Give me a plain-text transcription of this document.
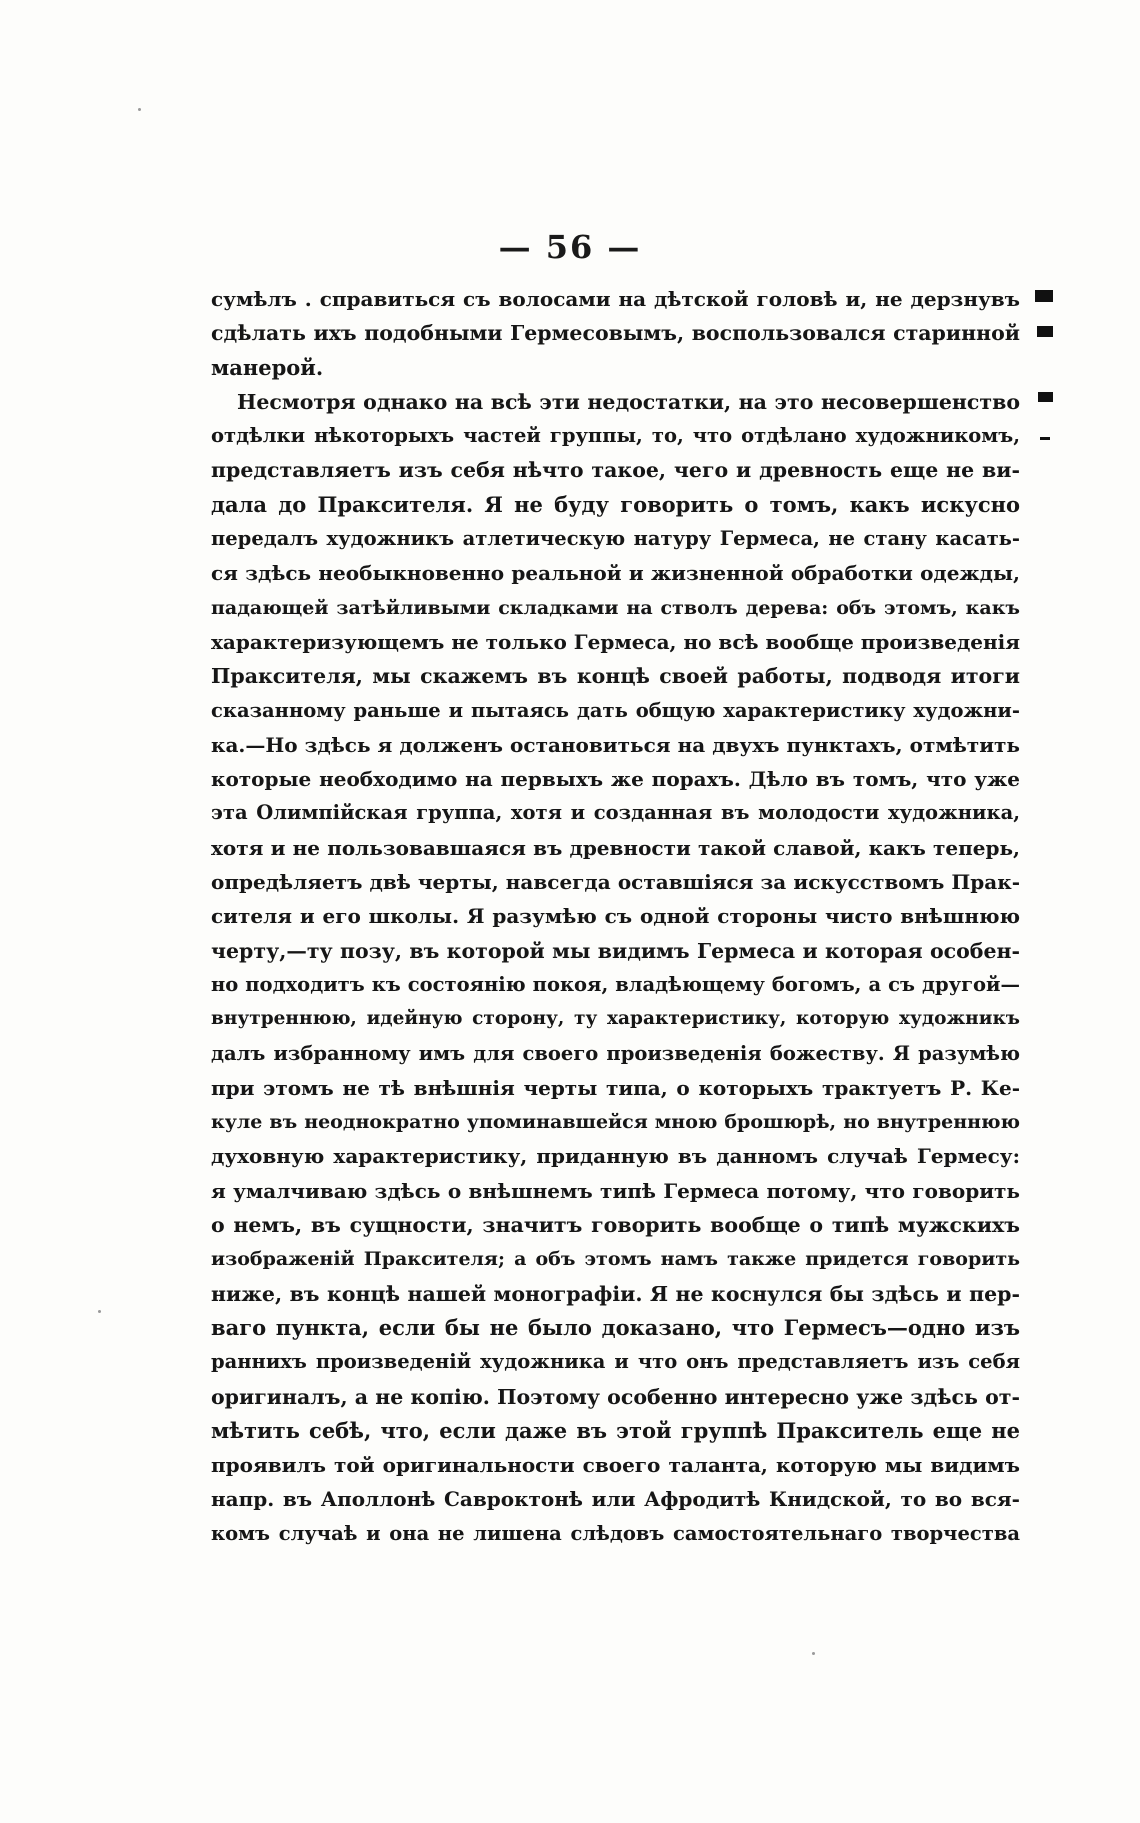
— 56 —
сумѣлъ . справиться съ волосами на дѣтской головѣ и, не дерзнувъ
сдѣлать ихъ подобными Гермесовымъ, воспользовался старинной
манерой.
Несмотря однако на всѣ эти недостатки, на это несовершенство
отдѣлки нѣкоторыхъ частей группы, то, что отдѣлано художникомъ,
представляетъ изъ себя нѣчто такое, чего и древность еще не ви-
дала до Праксителя. Я не буду говорить о томъ, какъ искусно
передалъ художникъ атлетическую натуру Гермеса, не стану касать-
ся здѣсь необыкновенно реальной и жизненной обработки одежды,
падающей затѣйливыми складками на стволъ дерева: объ этомъ, какъ
характеризующемъ не только Гермеса, но всѣ вообще произведенія
Праксителя, мы скажемъ въ концѣ своей работы, подводя итоги
сказанному раньше и пытаясь дать общую характеристику художни-
ка.—Но здѣсь я долженъ остановиться на двухъ пунктахъ, отмѣтить
которые необходимо на первыхъ же порахъ. Дѣло въ томъ, что уже
эта Олимпійская группа, хотя и созданная въ молодости художника,
хотя и не пользовавшаяся въ древности такой славой, какъ теперь,
опредѣляетъ двѣ черты, навсегда оставшіяся за искусствомъ Прак-
сителя и его школы. Я разумѣю съ одной стороны чисто внѣшнюю
черту,—ту позу, въ которой мы видимъ Гермеса и которая особен-
но подходитъ къ состоянію покоя, владѣющему богомъ, а съ другой—
внутреннюю, идейную сторону, ту характеристику, которую художникъ
далъ избранному имъ для своего произведенія божеству. Я разумѣю
при этомъ не тѣ внѣшнія черты типа, о которыхъ трактуетъ Р. Ке-
куле въ неоднократно упоминавшейся мною брошюрѣ, но внутреннюю
духовную характеристику, приданную въ данномъ случаѣ Гермесу:
я умалчиваю здѣсь о внѣшнемъ типѣ Гермеса потому, что говорить
о немъ, въ сущности, значитъ говорить вообще о типѣ мужскихъ
изображеній Праксителя; а объ этомъ намъ также придется говорить
ниже, въ концѣ нашей монографіи. Я не коснулся бы здѣсь и пер-
ваго пункта, если бы не было доказано, что Гермесъ—одно изъ
раннихъ произведеній художника и что онъ представляетъ изъ себя
оригиналъ, а не копію. Поэтому особенно интересно уже здѣсь от-
мѣтить себѣ, что, если даже въ этой группѣ Пракситель еще не
проявилъ той оригинальности своего таланта, которую мы видимъ
напр. въ Аполлонѣ Савроктонѣ или Афродитѣ Книдской, то во вся-
комъ случаѣ и она не лишена слѣдовъ самостоятельнаго творчества
